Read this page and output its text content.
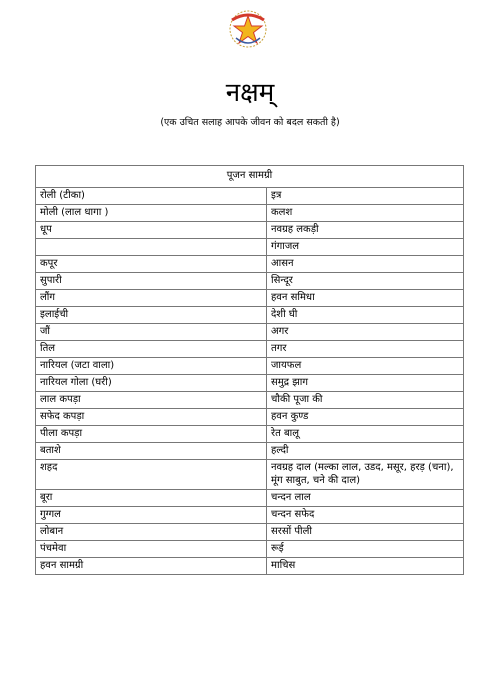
नक्षम्
(एक उचित सलाह आपके जीवन को बदल सकती है)
पूजन सामग्री	
रोली (टीका)	इत्र
मोली (लाल धागा )	कलश
धूप	नवग्रह लकड़ी
	गंगाजल
कपूर	आसन
सुपारी	सिन्दूर
लौंग	हवन समिधा
इलाईची	देशी घी
जौं	अगर
तिल	तगर
नारियल (जटा वाला)	जायफल
नारियल गोला (घरी)	समुद्र झाग
लाल कपड़ा	चौकी पूजा की
सफेद कपड़ा	हवन कुण्ड
पीला कपड़ा	रेत बालू
बताशे	हल्दी
शहद	नवग्रह दाल (मल्का लाल, उडद, मसूर, हरड़ (चना), मूंग साबुत, चने की दाल)
बूरा	चन्दन लाल
गुग्गल	चन्दन सफेद
लोबान	सरसों पीली
पंचमेवा	रूई
हवन सामग्री	माचिस
